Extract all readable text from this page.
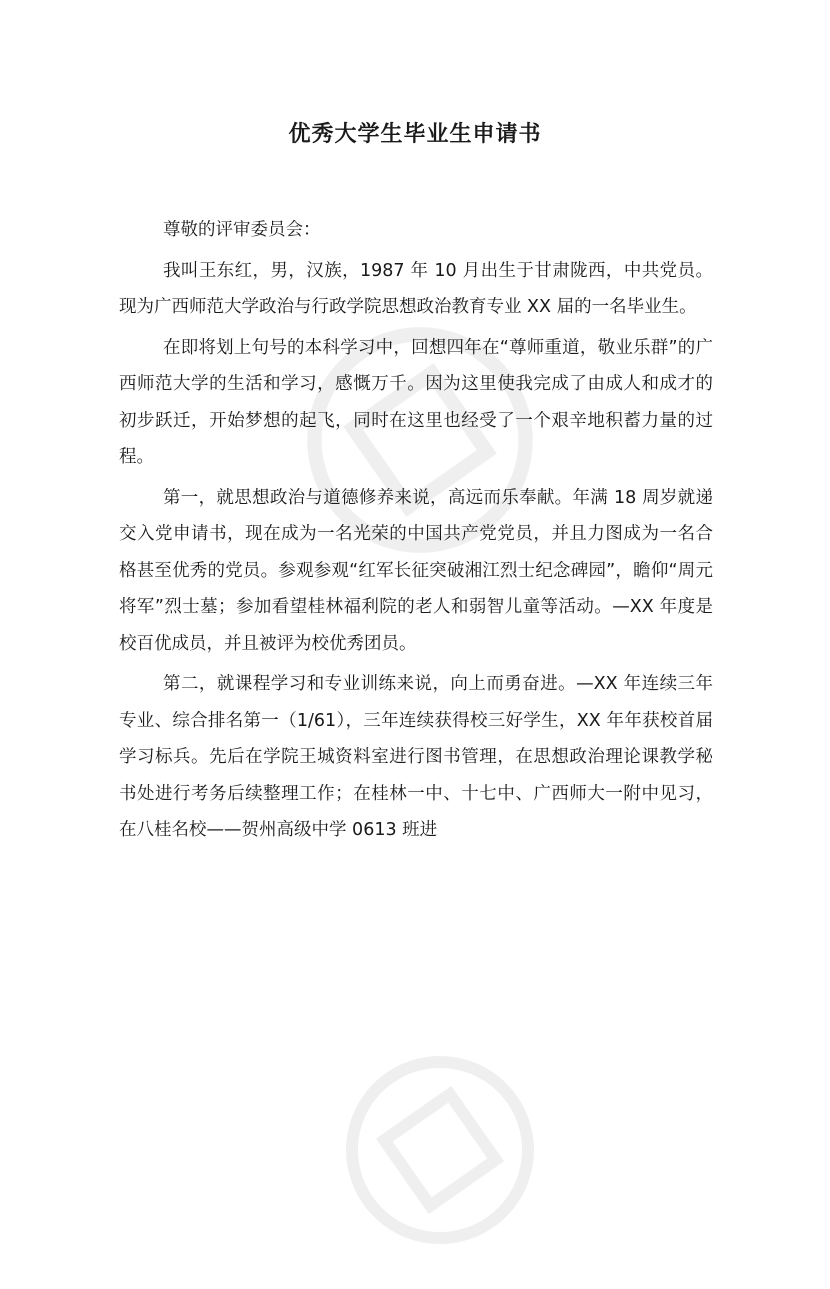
优秀大学生毕业生申请书

尊敬的评审委员会：

我叫王东红，男，汉族，1987 年 10 月出生于甘肃陇西，中共党员。现为广西师范大学政治与行政学院思想政治教育专业 XX 届的一名毕业生。

在即将划上句号的本科学习中，回想四年在“尊师重道，敬业乐群”的广西师范大学的生活和学习，感慨万千。因为这里使我完成了由成人和成才的初步跃迁，开始梦想的起飞，同时在这里也经受了一个艰辛地积蓄力量的过程。

第一，就思想政治与道德修养来说，高远而乐奉献。年满 18 周岁就递交入党申请书，现在成为一名光荣的中国共产党党员，并且力图成为一名合格甚至优秀的党员。参观参观“红军长征突破湘江烈士纪念碑园”，瞻仰“周元将军”烈士墓；参加看望桂林福利院的老人和弱智儿童等活动。—XX 年度是校百优成员，并且被评为校优秀团员。

第二，就课程学习和专业训练来说，向上而勇奋进。—XX 年连续三年专业、综合排名第一（1/61），三年连续获得校三好学生，XX 年年获校首届学习标兵。先后在学院王城资料室进行图书管理，在思想政治理论课教学秘书处进行考务后续整理工作；在桂林一中、十七中、广西师大一附中见习，在八桂名校——贺州高级中学 0613 班进
